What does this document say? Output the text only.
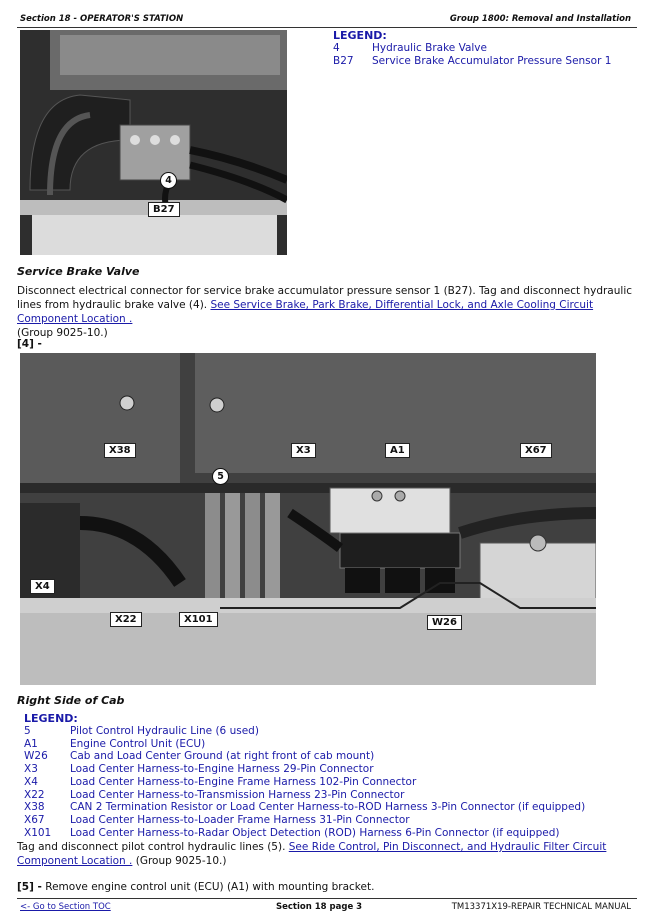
Section 18 - OPERATOR'S STATION	Group 1800: Removal and Installation
4
B27
LEGEND:
4	Hydraulic Brake Valve
B27 Service Brake Accumulator Pressure Sensor 1
Service Brake Valve
Disconnect electrical connector for service brake accumulator pressure sensor 1 (B27). Tag and disconnect hydraulic lines from hydraulic brake valve (4). See Service Brake, Park Brake, Differential Lock, and Axle Cooling Circuit Component Location .
(Group 9025-10.)
[4] -
X38	X3	A1	X67
5
X4
X22	X101	W26
Right Side of Cab
LEGEND:
5	Pilot Control Hydraulic Line (6 used)
A1	Engine Control Unit (ECU)
W26 Cab and Load Center Ground (at right front of cab mount)
X3	Load Center Harness-to-Engine Harness 29-Pin Connector
X4	Load Center Harness-to-Engine Frame Harness 102-Pin Connector
X22 Load Center Harness-to-Transmission Harness 23-Pin Connector
X38 CAN 2 Termination Resistor or Load Center Harness-to-ROD Harness 3-Pin Connector (if equipped)
X67 Load Center Harness-to-Loader Frame Harness 31-Pin Connector
X101 Load Center Harness-to-Radar Object Detection (ROD) Harness 6-Pin Connector (if equipped)
Tag and disconnect pilot control hydraulic lines (5). See Ride Control, Pin Disconnect, and Hydraulic Filter Circuit Component Location . (Group 9025-10.)
[5] - Remove engine control unit (ECU) (A1) with mounting bracket.
<- Go to Section TOC	Section 18 page 3	TM13371X19-REPAIR TECHNICAL MANUAL
